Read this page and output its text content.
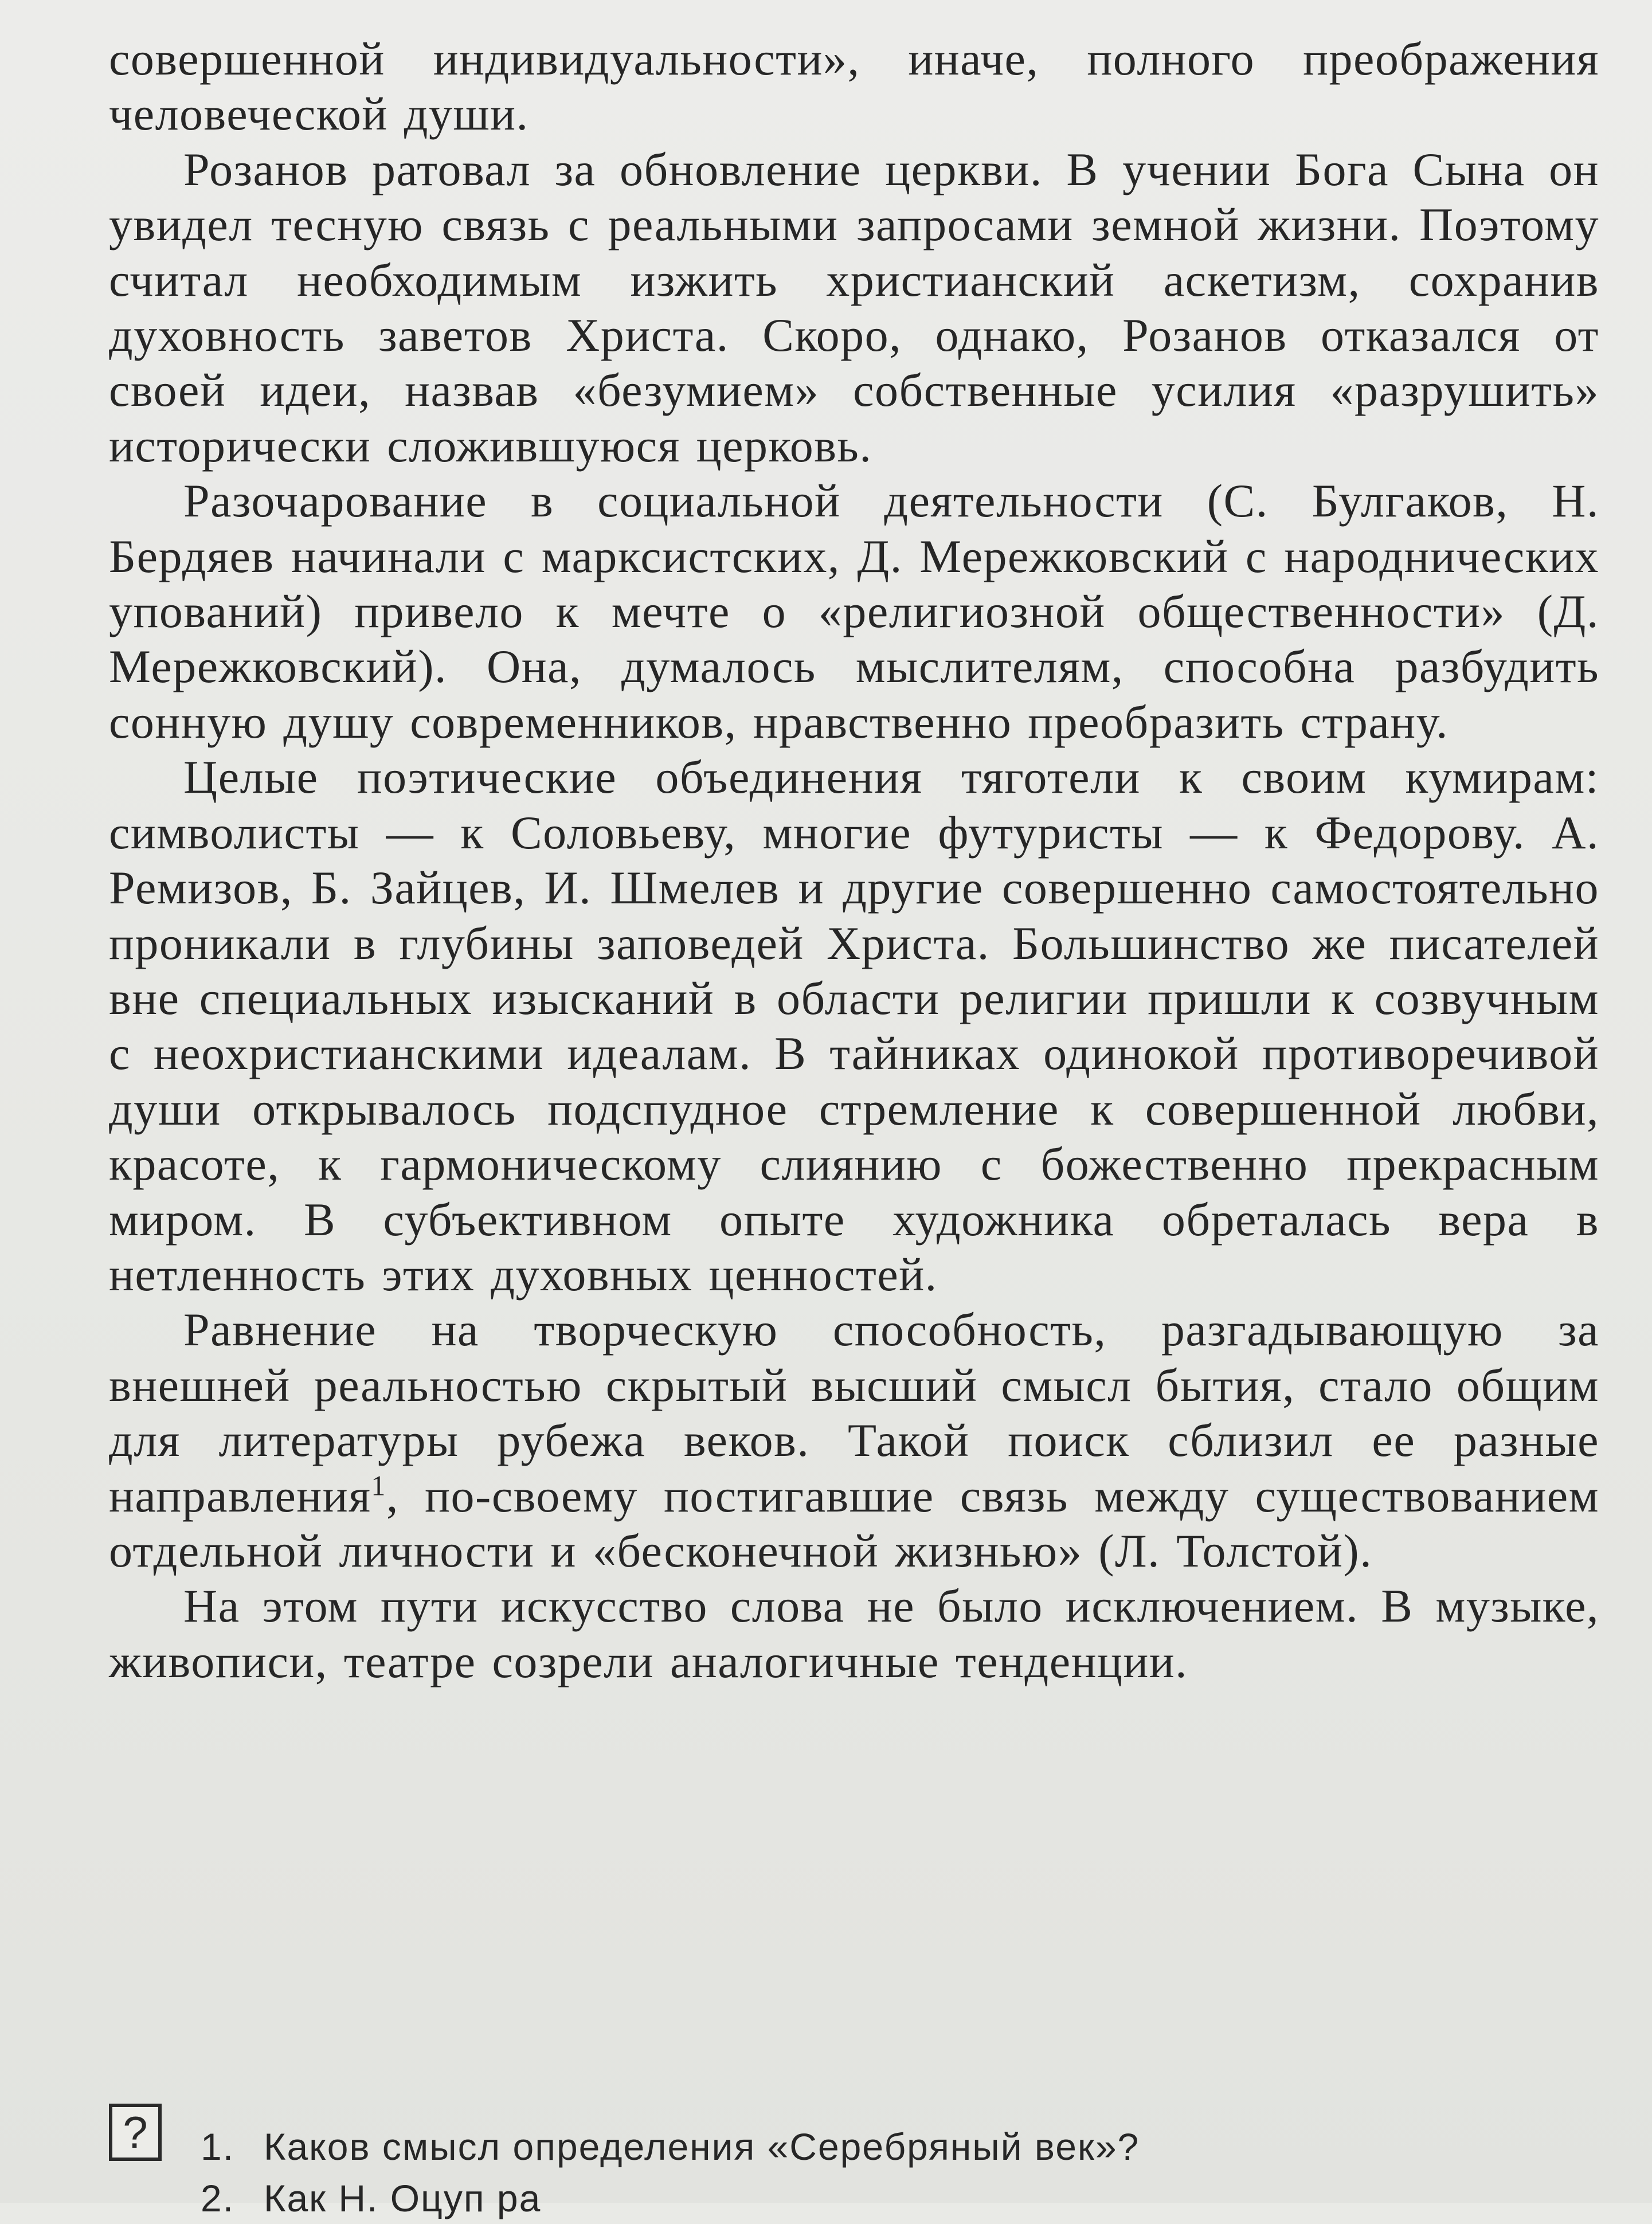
совершенной индивидуальности», иначе, полного преображения человеческой души.

Розанов ратовал за обновление церкви. В учении Бога Сына он увидел тесную связь с реальными запросами земной жизни. Поэтому считал необходимым изжить христианский аскетизм, сохранив духовность заветов Христа. Скоро, однако, Розанов отказался от своей идеи, назвав «безумием» собственные усилия «разрушить» исторически сложившуюся церковь.

Разочарование в социальной деятельности (С. Булгаков, Н. Бердяев начинали с марксистских, Д. Мережковский с народнических упований) привело к мечте о «религиозной общественности» (Д. Мережковский). Она, думалось мыслителям, способна разбудить сонную душу современников, нравственно преобразить страну.

Целые поэтические объединения тяготели к своим кумирам: символисты — к Соловьеву, многие футуристы — к Федорову. А. Ремизов, Б. Зайцев, И. Шмелев и другие совершенно самостоятельно проникали в глубины заповедей Христа. Большинство же писателей вне специальных изысканий в области религии пришли к созвучным с неохристианскими идеалам. В тайниках одинокой противоречивой души открывалось подспудное стремление к совершенной любви, красоте, к гармоническому слиянию с божественно прекрасным миром. В субъективном опыте художника обреталась вера в нетленность этих духовных ценностей.

Равнение на творческую способность, разгадывающую за внешней реальностью скрытый высший смысл бытия, стало общим для литературы рубежа веков. Такой поиск сблизил ее разные направления$^1$, по-своему постигавшие связь между существованием отдельной личности и «бесконечной жизнью» (Л. Толстой).

На этом пути искусство слова не было исключением. В музыке, живописи, театре созрели аналогичные тенденции.

?	1. Каков смысл определения «Серебряный век»?
2. Как Н. Оцуп ра
